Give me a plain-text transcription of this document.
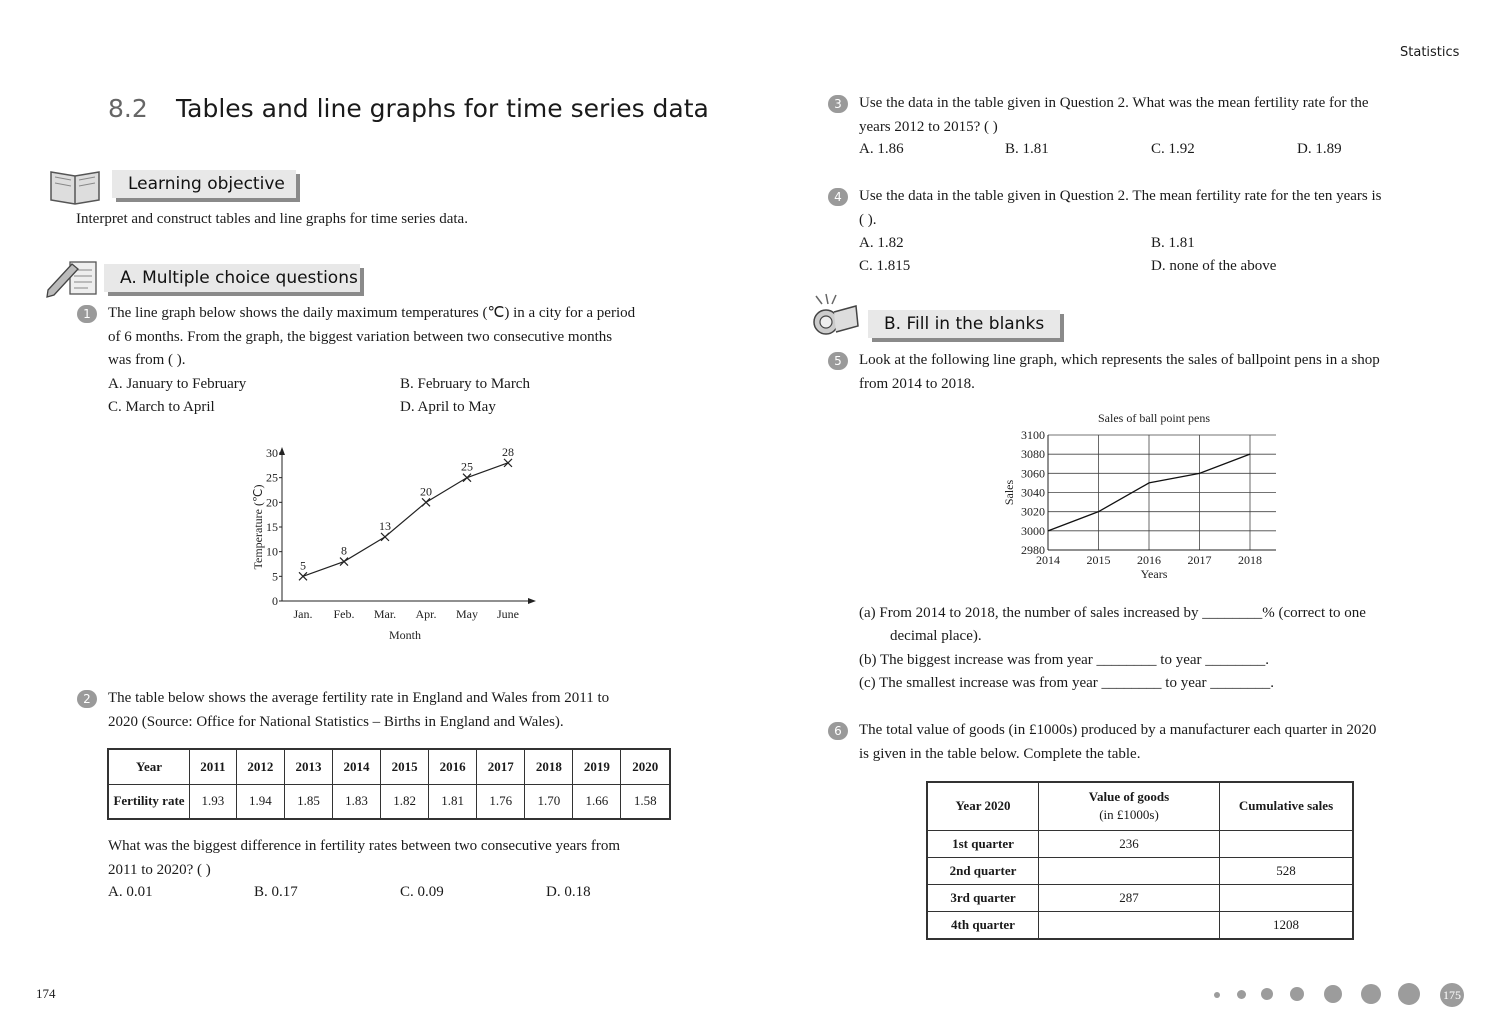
Statistics
8.2 Tables and line graphs for time series data
Learning objective
Interpret and construct tables and line graphs for time series data.
A. Multiple choice questions
1	The line graph below shows the daily maximum temperatures (℃) in a city for a period
of 6 months. From the graph, the biggest variation between two consecutive months
was from ( ).
A. January to February	B. February to March
C. March to April	D. April to May
0
5
10
15
20
25
30
5
Jan.
8
Feb.
13
Mar.
20
Apr.
25
May
28
June
Month
Temperature (℃)
2	The table below shows the average fertility rate in England and Wales from 2011 to
2020 (Source: Office for National Statistics – Births in England and Wales).
Year	2011	2012	2013	2014	2015	2016	2017	2018	2019	2020
Fertility rate	1.93	1.94	1.85	1.83	1.82	1.81	1.76	1.70	1.66	1.58
What was the biggest difference in fertility rates between two consecutive years from
2011 to 2020? ( )
A. 0.01	B. 0.17	C. 0.09	D. 0.18
3	Use the data in the table given in Question 2. What was the mean fertility rate for the
years 2012 to 2015? ( )
A. 1.86	B. 1.81	C. 1.92	D. 1.89
4	Use the data in the table given in Question 2. The mean fertility rate for the ten years is
( ).
A. 1.82	B. 1.81
C. 1.815	D. none of the above
B. Fill in the blanks
5	Look at the following line graph, which represents the sales of ballpoint pens in a shop
from 2014 to 2018.
Sales of ball point pens
2980
3000
3020
3040
3060
3080
3100
2014 2015 2016 2017 2018
Years
Sales
(a) From 2014 to 2018, the number of sales increased by ________% (correct to one
decimal place).
(b) The biggest increase was from year ________ to year ________.
(c) The smallest increase was from year ________ to year ________.
6	The total value of goods (in £1000s) produced by a manufacturer each quarter in 2020
is given in the table below. Complete the table.
Year 2020	Value of goods
(in £1000s)	Cumulative sales
1st quarter	236	
2nd quarter		528
3rd quarter	287	
4th quarter		1208
174	175
